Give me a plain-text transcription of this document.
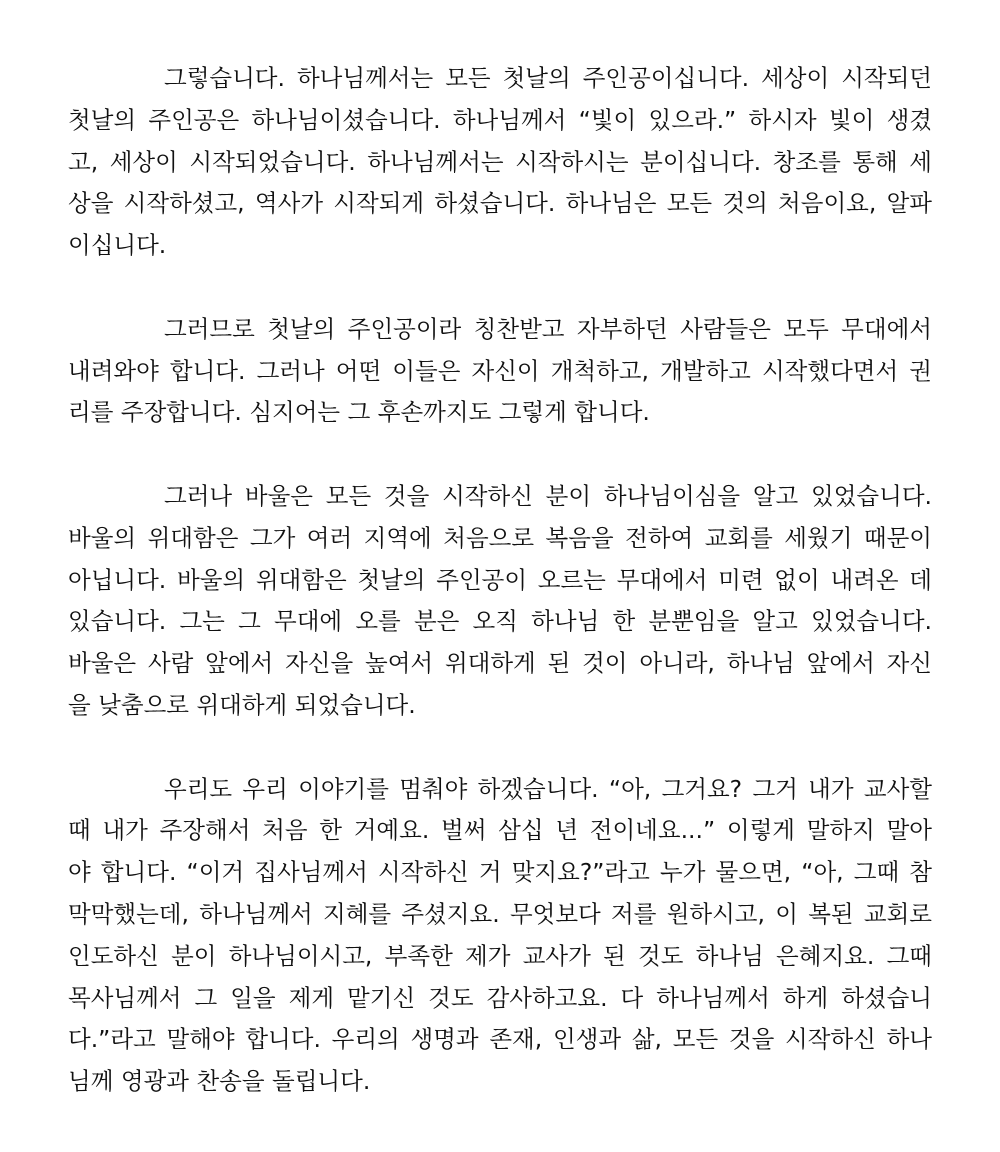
그렇습니다. 하나님께서는 모든 첫날의 주인공이십니다. 세상이 시작되던
첫날의 주인공은 하나님이셨습니다. 하나님께서 “빛이 있으라.” 하시자 빛이 생겼
고, 세상이 시작되었습니다. 하나님께서는 시작하시는 분이십니다. 창조를 통해 세
상을 시작하셨고, 역사가 시작되게 하셨습니다. 하나님은 모든 것의 처음이요, 알파
이십니다.
그러므로 첫날의 주인공이라 칭찬받고 자부하던 사람들은 모두 무대에서
내려와야 합니다. 그러나 어떤 이들은 자신이 개척하고, 개발하고 시작했다면서 권
리를 주장합니다. 심지어는 그 후손까지도 그렇게 합니다.
그러나 바울은 모든 것을 시작하신 분이 하나님이심을 알고 있었습니다.
바울의 위대함은 그가 여러 지역에 처음으로 복음을 전하여 교회를 세웠기 때문이
아닙니다. 바울의 위대함은 첫날의 주인공이 오르는 무대에서 미련 없이 내려온 데
있습니다. 그는 그 무대에 오를 분은 오직 하나님 한 분뿐임을 알고 있었습니다.
바울은 사람 앞에서 자신을 높여서 위대하게 된 것이 아니라, 하나님 앞에서 자신
을 낮춤으로 위대하게 되었습니다.
우리도 우리 이야기를 멈춰야 하겠습니다. “아, 그거요? 그거 내가 교사할
때 내가 주장해서 처음 한 거예요. 벌써 삼십 년 전이네요...” 이렇게 말하지 말아
야 합니다. “이거 집사님께서 시작하신 거 맞지요?”라고 누가 물으면, “아, 그때 참
막막했는데, 하나님께서 지혜를 주셨지요. 무엇보다 저를 원하시고, 이 복된 교회로
인도하신 분이 하나님이시고, 부족한 제가 교사가 된 것도 하나님 은혜지요. 그때
목사님께서 그 일을 제게 맡기신 것도 감사하고요. 다 하나님께서 하게 하셨습니
다.”라고 말해야 합니다. 우리의 생명과 존재, 인생과 삶, 모든 것을 시작하신 하나
님께 영광과 찬송을 돌립니다.
